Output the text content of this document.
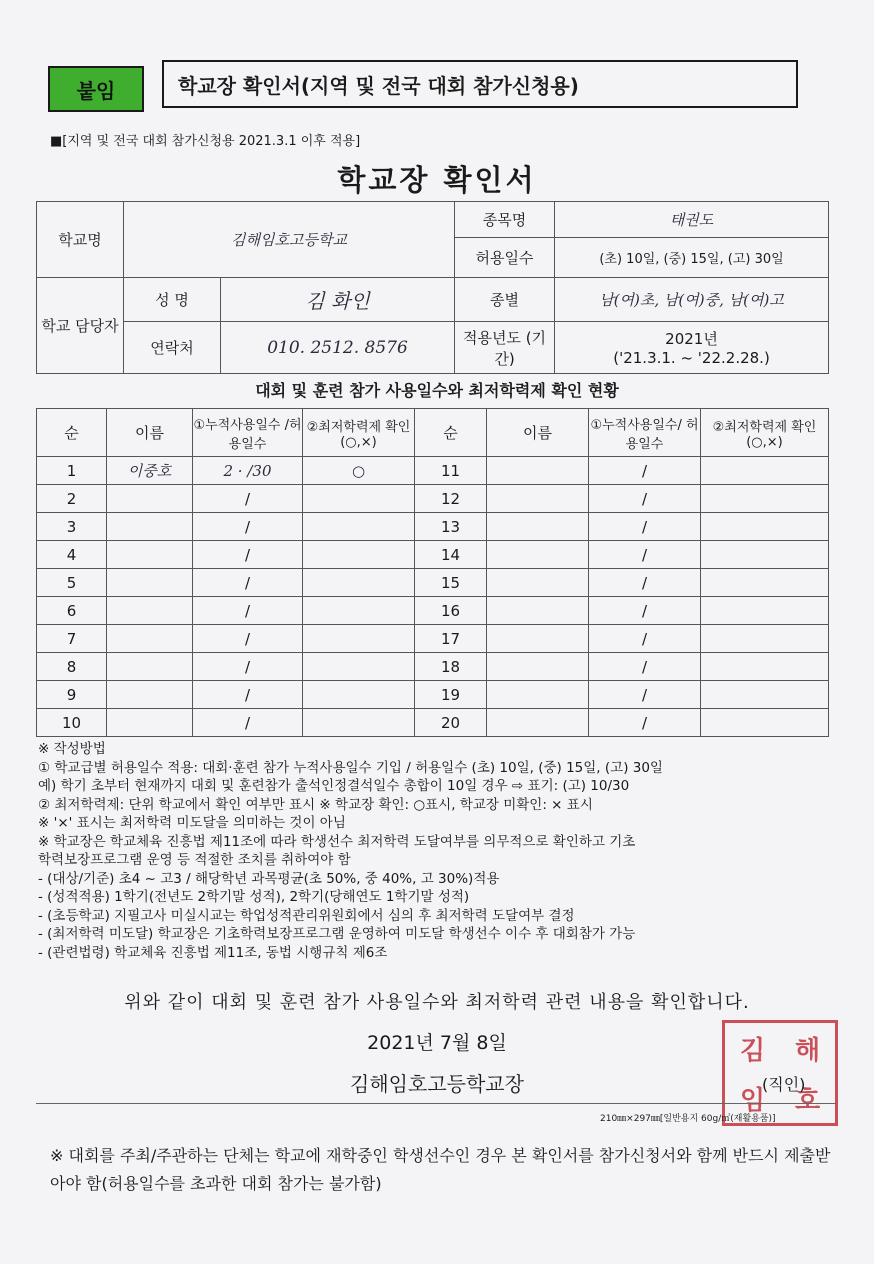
붙임	학교장 확인서(지역 및 전국 대회 참가신청용)
■[지역 및 전국 대회 참가신청용 2021.3.1 이후 적용]
학교장 확인서
학교명	김해임호고등학교		종목명	태권도
			허용일수	(초) 10일, (중) 15일, (고) 30일
학교 담당자	성 명	김 화인	종별	남(여)초, 남(여)중, 남(여)고
	연락처	010. 2512. 8576	적용년도 (기간)	2021년
('21.3.1. ~ '22.2.28.)
대회 및 훈련 참가 사용일수와 최저학력제 확인 현황
순	이름	①누적사용일수 /허용일수	②최저학력제 확인(○,×)	순	이름	①누적사용일수/ 허용일수	②최저학력제 확인(○,×)
1	이중호	2 · /30	○	11		/	
2		/		12		/	
3		/		13		/	
4		/		14		/	
5		/		15		/	
6		/		16		/	
7		/		17		/	
8		/		18		/	
9		/		19		/	
10		/		20		/	
※ 작성방법
① 학교급별 허용일수 적용: 대회·훈련 참가 누적사용일수 기입 / 허용일수 (초) 10일, (중) 15일, (고) 30일
예) 학기 초부터 현재까지 대회 및 훈련참가 출석인정결석일수 총합이 10일 경우 ⇨ 표기: (고) 10/30
② 최저학력제: 단위 학교에서 확인 여부만 표시 ※ 학교장 확인: ○표시, 학교장 미확인: × 표시
※ '×' 표시는 최저학력 미도달을 의미하는 것이 아님
※ 학교장은 학교체육 진흥법 제11조에 따라 학생선수 최저학력 도달여부를 의무적으로 확인하고 기초
학력보장프로그램 운영 등 적절한 조치를 취하여야 함
- (대상/기준) 초4 ~ 고3 / 해당학년 과목평균(초 50%, 중 40%, 고 30%)적용
- (성적적용) 1학기(전년도 2학기말 성적), 2학기(당해연도 1학기말 성적)
- (초등학교) 지필고사 미실시교는 학업성적관리위원회에서 심의 후 최저학력 도달여부 결정
- (최저학력 미도달) 학교장은 기초학력보장프로그램 운영하여 미도달 학생선수 이수 후 대회참가 가능
- (관련법령) 학교체육 진흥법 제11조, 동법 시행규칙 제6조
위와 같이 대회 및 훈련 참가 사용일수와 최저학력 관련 내용을 확인합니다.
2021년 7월 8일
김해임호고등학교장
김	해
임	호
(직인)
210㎜×297㎜[일반용지 60g/㎡(재활용품)]
※ 대회를 주최/주관하는 단체는 학교에 재학중인 학생선수인 경우 본 확인서를 참가신청서와 함께 반드시 제출받아야 함(허용일수를 초과한 대회 참가는 불가함)
